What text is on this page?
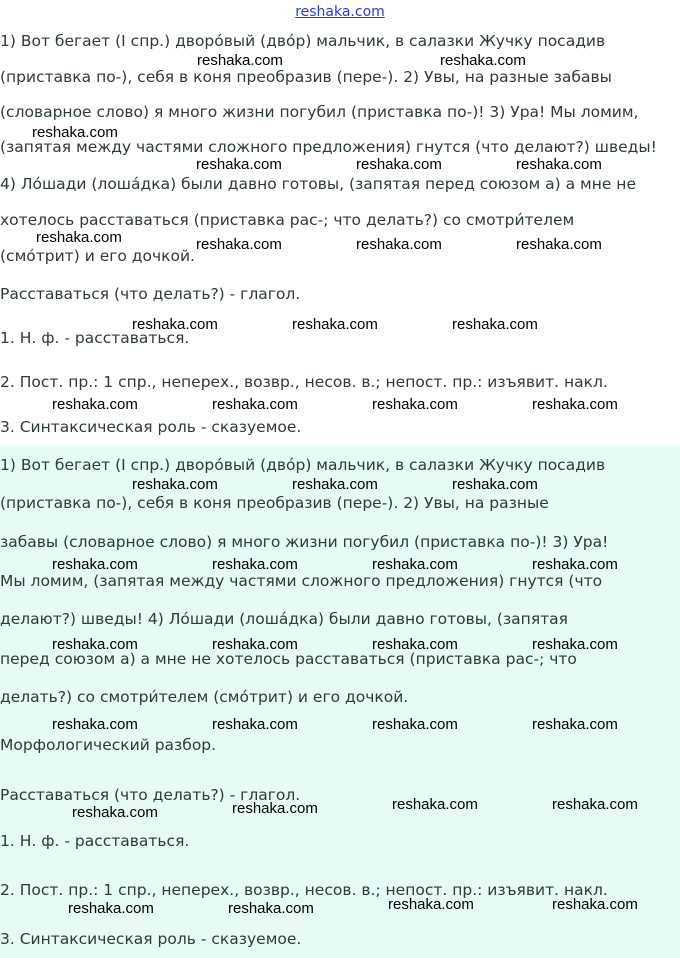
reshaka.com
1) Вот бегает (I спр.) дворо́вый (дво́р) мальчик, в салазки Жучку посадив
(приставка по-), себя в коня преобразив (пере-). 2) Увы, на разные забавы
(словарное слово) я много жизни погубил (приставка по-)! 3) Ура! Мы ломим,
(запятая между частями сложного предложения) гнутся (что делают?) шведы!
4) Ло́шади (лоша́дка) были давно готовы, (запятая перед союзом а) а мне не
хотелось расставаться (приставка рас-; что делать?) со смотри́телем
(смо́трит) и его дочкой.
Расставаться (что делать?) - глагол.
1. Н. ф. - расставаться.
2. Пост. пр.: 1 спр., неперех., возвр., несов. в.; непост. пр.: изъявит. накл.
3. Синтаксическая роль - сказуемое.
1) Вот бегает (I спр.) дворо́вый (дво́р) мальчик, в салазки Жучку посадив
(приставка по-), себя в коня преобразив (пере-). 2) Увы, на разные
забавы (словарное слово) я много жизни погубил (приставка по-)! 3) Ура!
Мы ломим, (запятая между частями сложного предложения) гнутся (что
делают?) шведы! 4) Ло́шади (лоша́дка) были давно готовы, (запятая
перед союзом а) а мне не хотелось расставаться (приставка рас-; что
делать?) со смотри́телем (смо́трит) и его дочкой.
Морфологический разбор.
Расставаться (что делать?) - глагол.
1. Н. ф. - расставаться.
2. Пост. пр.: 1 спр., неперех., возвр., несов. в.; непост. пр.: изъявит. накл.
3. Синтаксическая роль - сказуемое.
reshaka.com	reshaka.com
reshaka.com
reshaka.com	reshaka.com	reshaka.com
reshaka.com	reshaka.com	reshaka.com	reshaka.com
reshaka.com	reshaka.com	reshaka.com
reshaka.com	reshaka.com	reshaka.com	reshaka.com
reshaka.com	reshaka.com	reshaka.com
reshaka.com	reshaka.com	reshaka.com	reshaka.com
reshaka.com	reshaka.com	reshaka.com	reshaka.com
reshaka.com	reshaka.com	reshaka.com	reshaka.com
reshaka.com	reshaka.com	reshaka.com
reshaka.com
reshaka.com	reshaka.com	reshaka.com	reshaka.com
